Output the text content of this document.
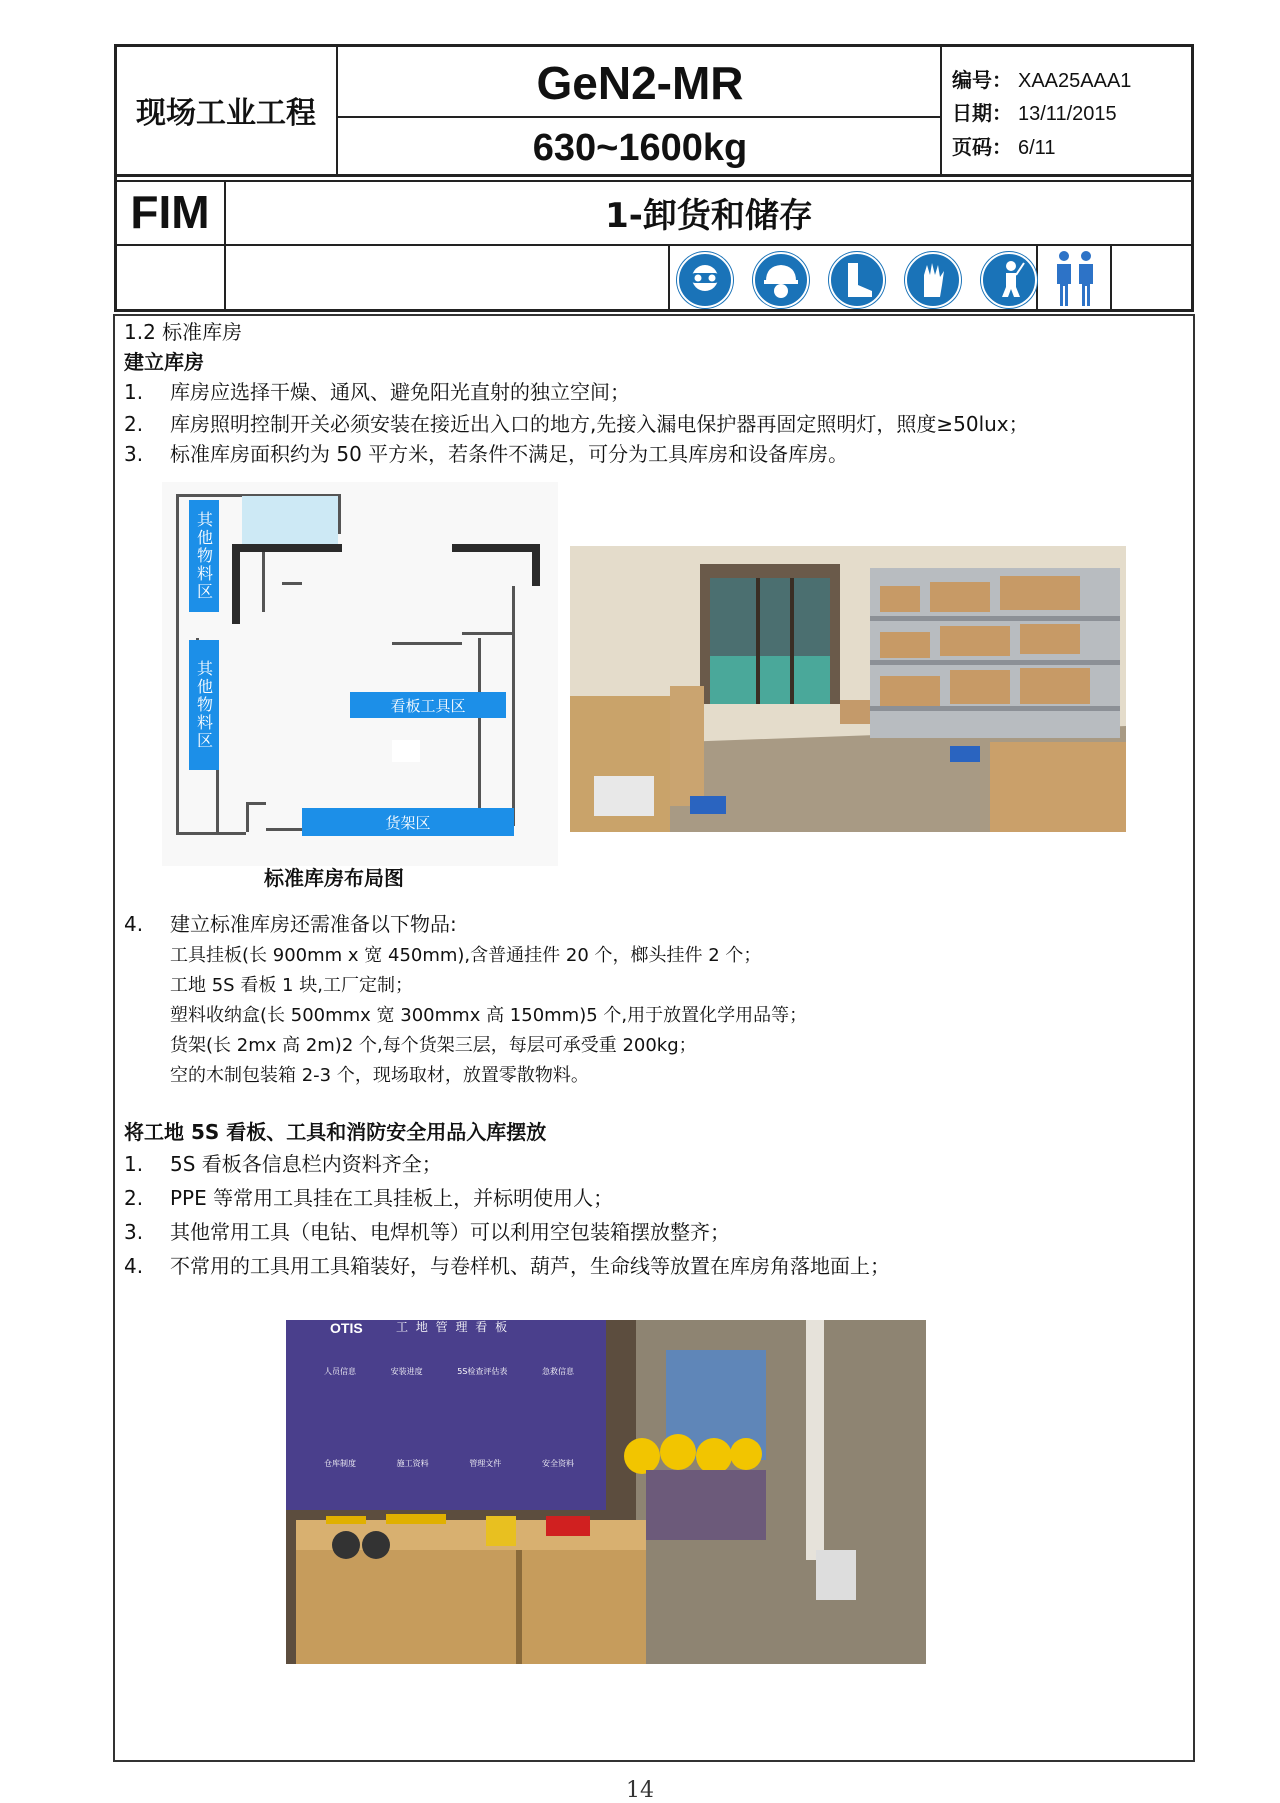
现场工业工程
GeN2-MR
630~1600kg
编号： XAA25AAA1
日期： 13/11/2015
页码： 6/11
FIM	1-卸货和储存
1.2 标准库房
建立库房
1. 库房应选择干燥、通风、避免阳光直射的独立空间；
2. 库房照明控制开关必须安装在接近出入口的地方,先接入漏电保护器再固定照明灯，照度≥50lux；
3. 标准库房面积约为 50 平方米，若条件不满足，可分为工具库房和设备库房。
其他物料区
其他物料区	看板工具区
货架区
标准库房布局图
4. 建立标准库房还需准备以下物品:
工具挂板(长 900mm x 宽 450mm),含普通挂件 20 个，榔头挂件 2 个；
工地 5S 看板 1 块,工厂定制；
塑料收纳盒(长 500mmx 宽 300mmx 高 150mm)5 个,用于放置化学用品等；
货架(长 2mx 高 2m)2 个,每个货架三层，每层可承受重 200kg；
空的木制包装箱 2-3 个，现场取材，放置零散物料。
将工地 5S 看板、工具和消防安全用品入库摆放
1. 5S 看板各信息栏内资料齐全；
2. PPE 等常用工具挂在工具挂板上，并标明使用人；
3. 其他常用工具（电钻、电焊机等）可以利用空包装箱摆放整齐；
4. 不常用的工具用工具箱装好，与卷样机、葫芦，生命线等放置在库房角落地面上；
OTIS	工 地 管 理 看 板
人员信息	安装进度	5S检查评估表	急救信息
仓库制度	施工资料	管理文件	安全资料
14
